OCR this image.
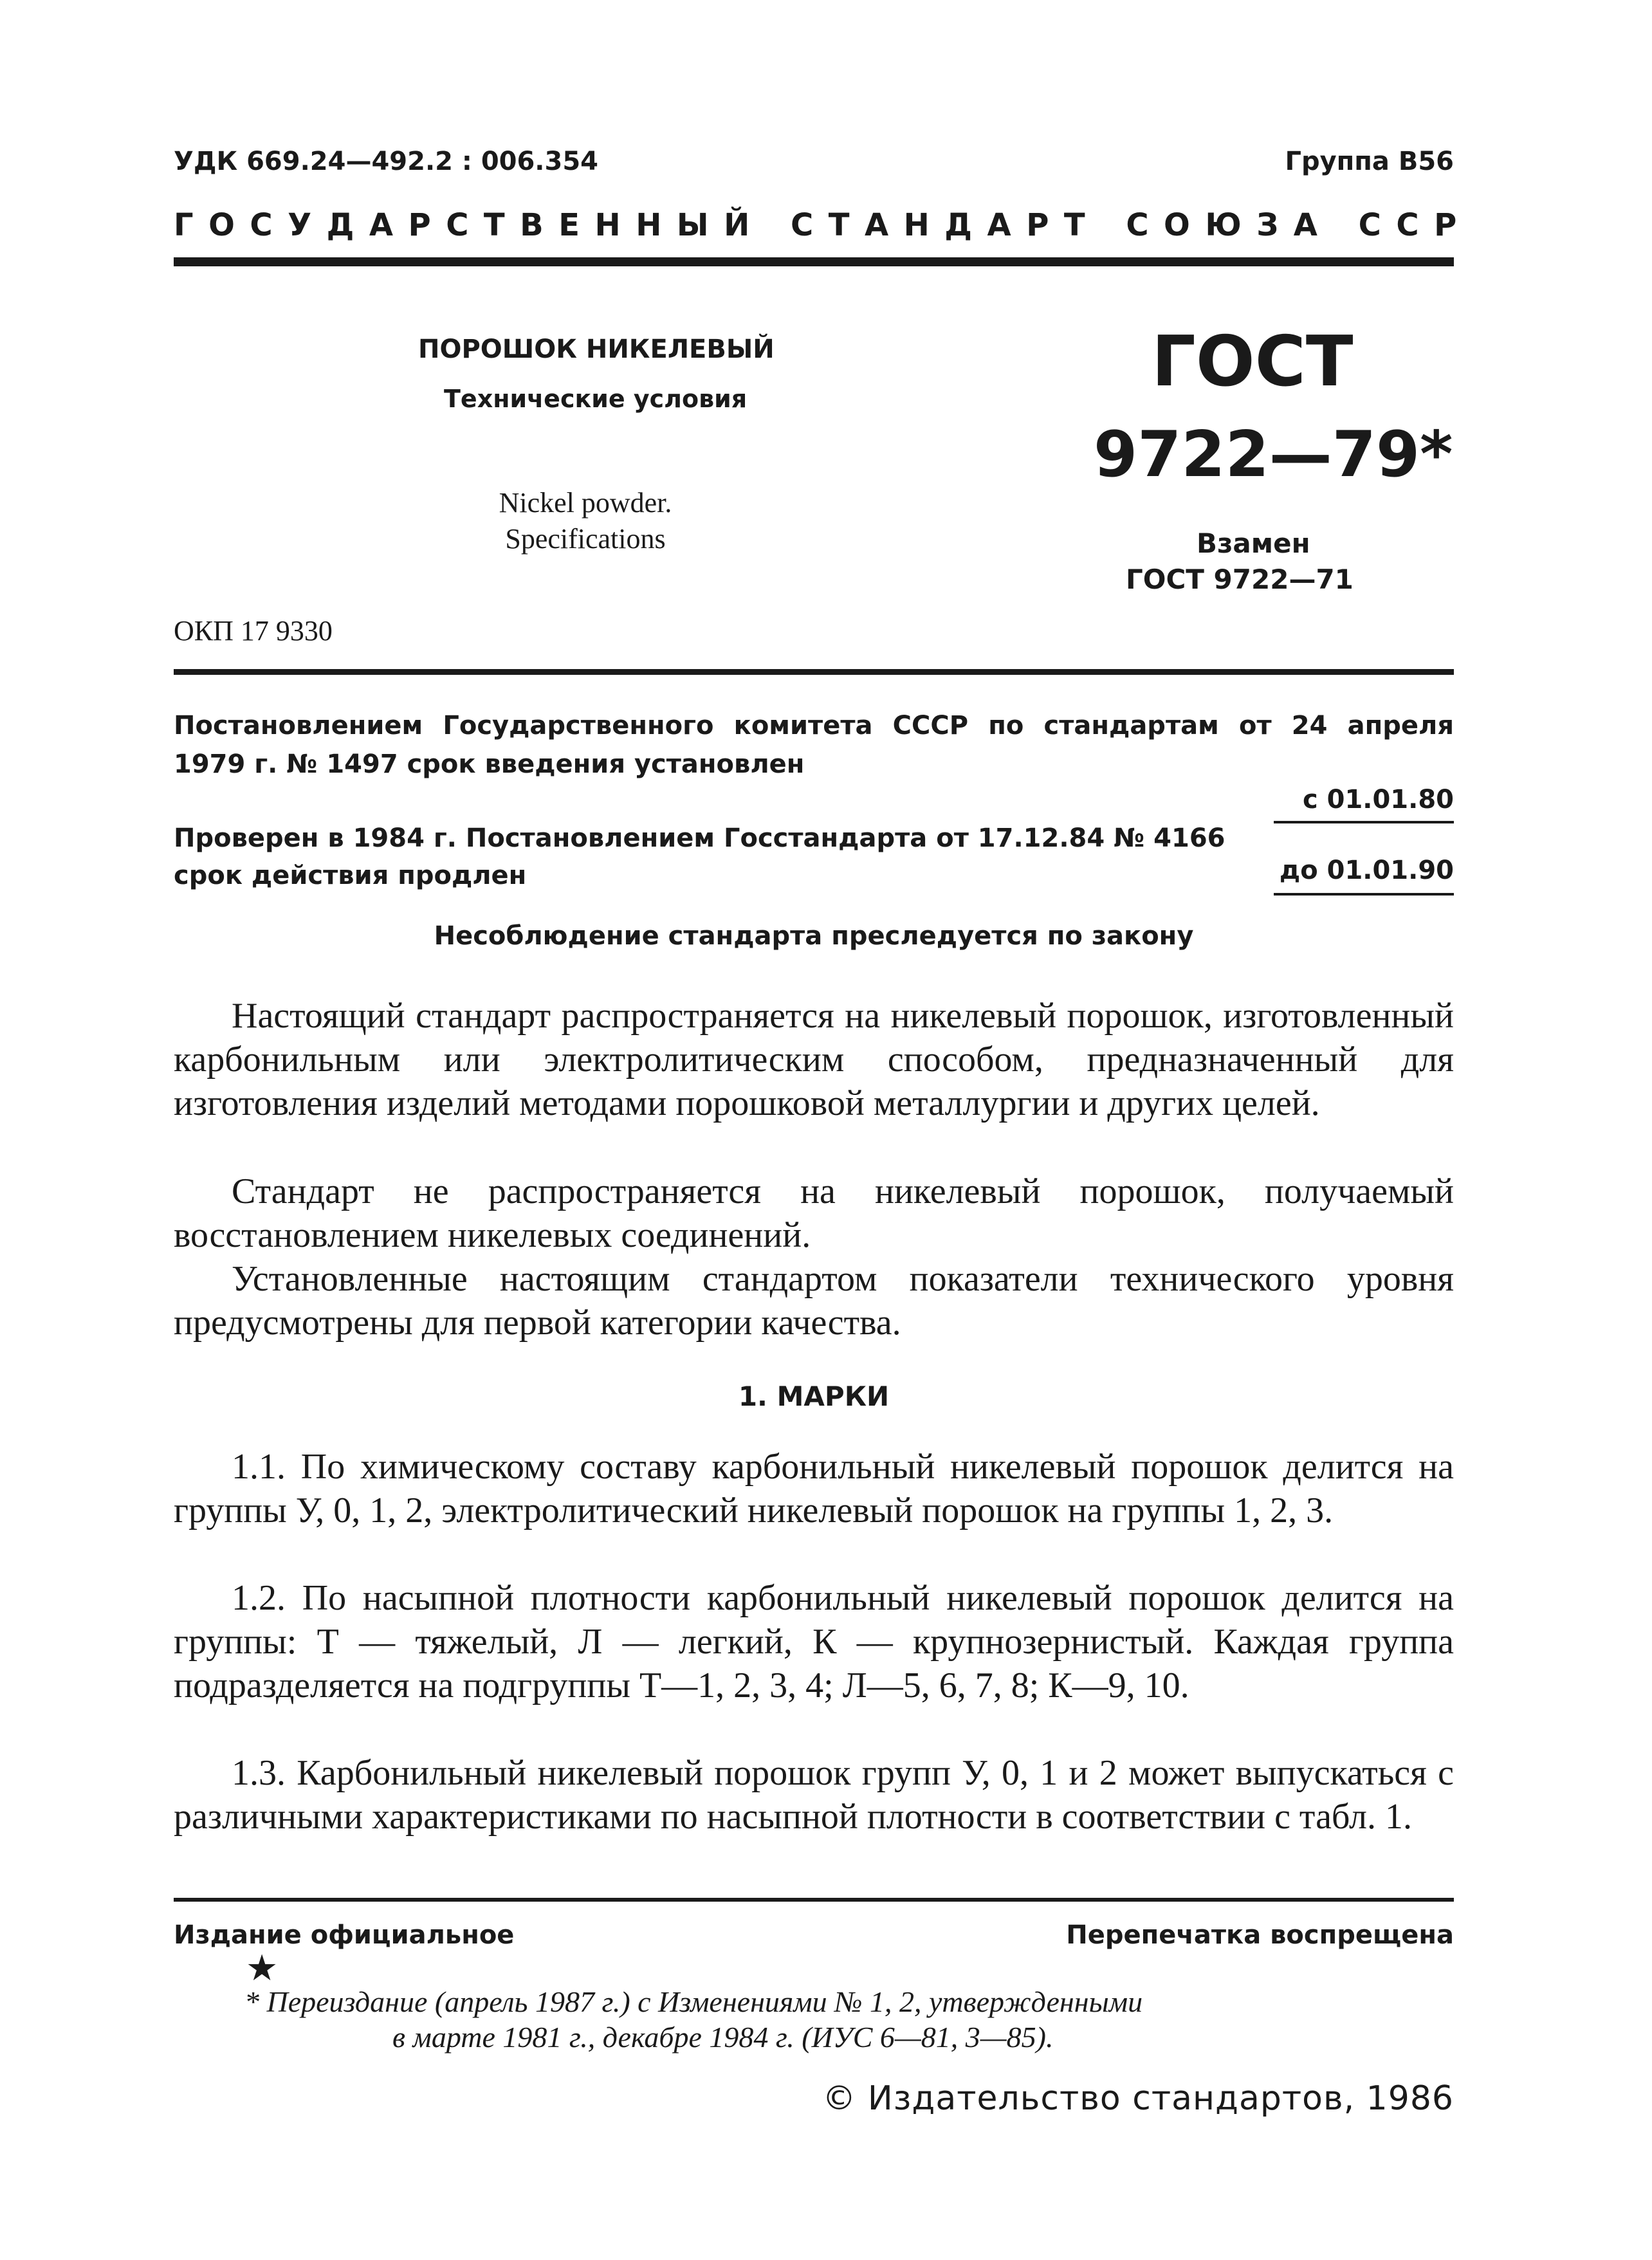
УДК 669.24—492.2 : 006.354	Группа В56
ГОСУДАРСТВЕННЫЙ СТАНДАРТ СОЮЗА ССР
ПОРОШОК НИКЕЛЕВЫЙ
Технические условия
Nickel powder. Specifications
ГОСТ
9722—79*
Взамен
ГОСТ 9722—71
ОКП 17 9330
Постановлением Государственного комитета СССР по стандартам от 24 апреля
1979 г. № 1497 срок введения установлен
с 01.01.80
Проверен в 1984 г. Постановлением Госстандарта от 17.12.84 № 4166
срок действия продлен	до 01.01.90
Несоблюдение стандарта преследуется по закону
Настоящий стандарт распространяется на никелевый порошок, изготовленный карбонильным или электролитическим способом, предназначенный для изготовления изделий методами порошковой металлургии и других целей.
Стандарт не распространяется на никелевый порошок, получаемый восстановлением никелевых соединений.
Установленные настоящим стандартом показатели технического уровня предусмотрены для первой категории качества.
1. МАРКИ
1.1. По химическому составу карбонильный никелевый порошок делится на группы У, 0, 1, 2, электролитический никелевый порошок на группы 1, 2, 3.
1.2. По насыпной плотности карбонильный никелевый порошок делится на группы: Т — тяжелый, Л — легкий, К — крупнозернистый. Каждая группа подразделяется на подгруппы Т—1, 2, 3, 4; Л—5, 6, 7, 8; К—9, 10.
1.3. Карбонильный никелевый порошок групп У, 0, 1 и 2 может выпускаться с различными характеристиками по насыпной плотности в соответствии с табл. 1.
Издание официальное	Перепечатка воспрещена
★
* Переиздание (апрель 1987 г.) с Изменениями № 1, 2, утвержденными
в марте 1981 г., декабре 1984 г. (ИУС 6—81, 3—85).
© Издательство стандартов, 1986
